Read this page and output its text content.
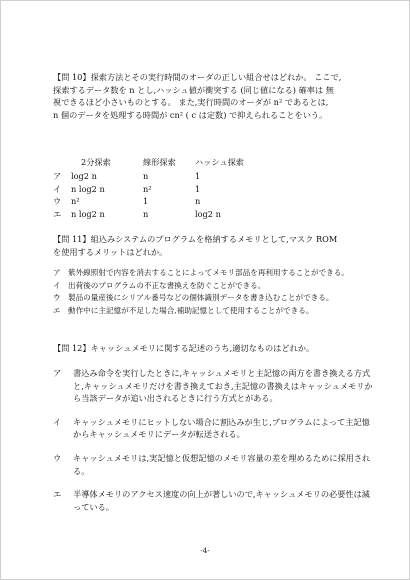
【問 10】探索方法とその実行時間のオーダの正しい組合せはどれか。 ここで,
探索するデータ数を n とし,ハッシュ値が衝突する (同じ値になる) 確率は 無
視できるほど小さいものとする。 また,実行時間のオーダが n² であるとは,
n 個のデータを処理する時間が cn² ( c は定数) で抑えられることをいう。
	2分探索	線形探索	ハッシュ探索
ア	log2 n	n	1
イ	n log2 n	n²	1
ウ	n²	1	n
エ	n log2 n	n	log2 n
【問 11】組込みシステムのプログラムを格納するメモリとして,マスク ROM
を使用するメリットはどれか。
ア 紫外線照射で内容を消去することによってメモリ部品を再利用することができる。
イ 出荷後のプログラムの不正な書換えを防ぐことができる。
ウ 製品の量産後にシリアル番号などの個体識別データを書き込むことができる。
エ 動作中に主記憶が不足した場合,補助記憶として使用することができる。
【問 12】キャッシュメモリに関する記述のうち,適切なものはどれか。
ア	書込み命令を実行したときに,キャッシュメモリと主記憶の両方を書き換える方式と,キャッシュメモリだけを書き換えておき,主記憶の書換えはキャッシュメモリから当該データが追い出されるときに行う方式とがある。
イ	キャッシュメモリにヒットしない場合に割込みが生じ,プログラムによって主記憶からキャッシュメモリにデータが転送される。
ウ	キャッシュメモリは,実記憶と仮想記憶のメモリ容量の差を埋めるために採用される。
エ	半導体メモリのアクセス速度の向上が著しいので,キャッシュメモリの必要性は減っている。
-4-
